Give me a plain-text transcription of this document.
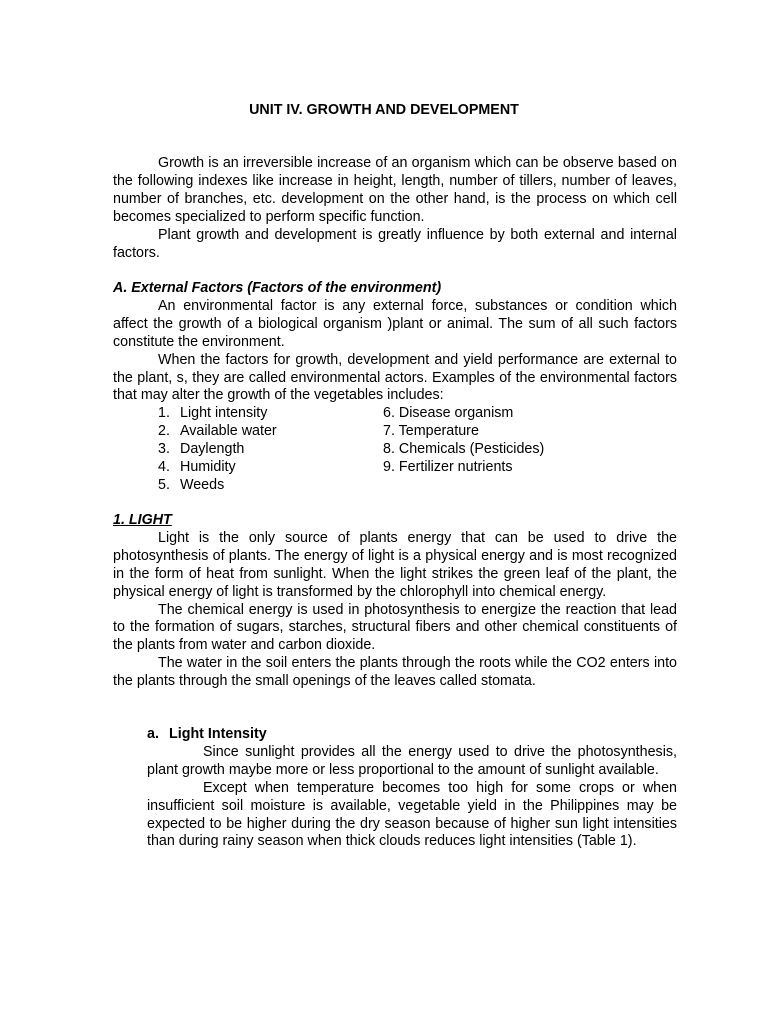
UNIT IV. GROWTH AND DEVELOPMENT

Growth is an irreversible increase of an organism which can be observe based on the following indexes like increase in height, length, number of tillers, number of leaves, number of branches, etc. development on the other hand, is the process on which cell becomes specialized to perform specific function.

Plant growth and development is greatly influence by both external and internal factors.

A. External Factors (Factors of the environment)

An environmental factor is any external force, substances or condition which affect the growth of a biological organism )plant or animal. The sum of all such factors constitute the environment.

When the factors for growth, development and yield performance are external to the plant, s, they are called environmental actors. Examples of the environmental factors that may alter the growth of the vegetables includes:

1. Light intensity	6. Disease organism
2. Available water	7. Temperature
3. Daylength	8. Chemicals (Pesticides)
4. Humidity	9. Fertilizer nutrients
5. Weeds

1. LIGHT

Light is the only source of plants energy that can be used to drive the photosynthesis of plants. The energy of light is a physical energy and is most recognized in the form of heat from sunlight. When the light strikes the green leaf of the plant, the physical energy of light is transformed by the chlorophyll into chemical energy.

The chemical energy is used in photosynthesis to energize the reaction that lead to the formation of sugars, starches, structural fibers and other chemical constituents of the plants from water and carbon dioxide.

The water in the soil enters the plants through the roots while the CO2 enters into the plants through the small openings of the leaves called stomata.

a. Light Intensity

Since sunlight provides all the energy used to drive the photosynthesis, plant growth maybe more or less proportional to the amount of sunlight available.

Except when temperature becomes too high for some crops or when insufficient soil moisture is available, vegetable yield in the Philippines may be expected to be higher during the dry season because of higher sun light intensities than during rainy season when thick clouds reduces light intensities (Table 1).
